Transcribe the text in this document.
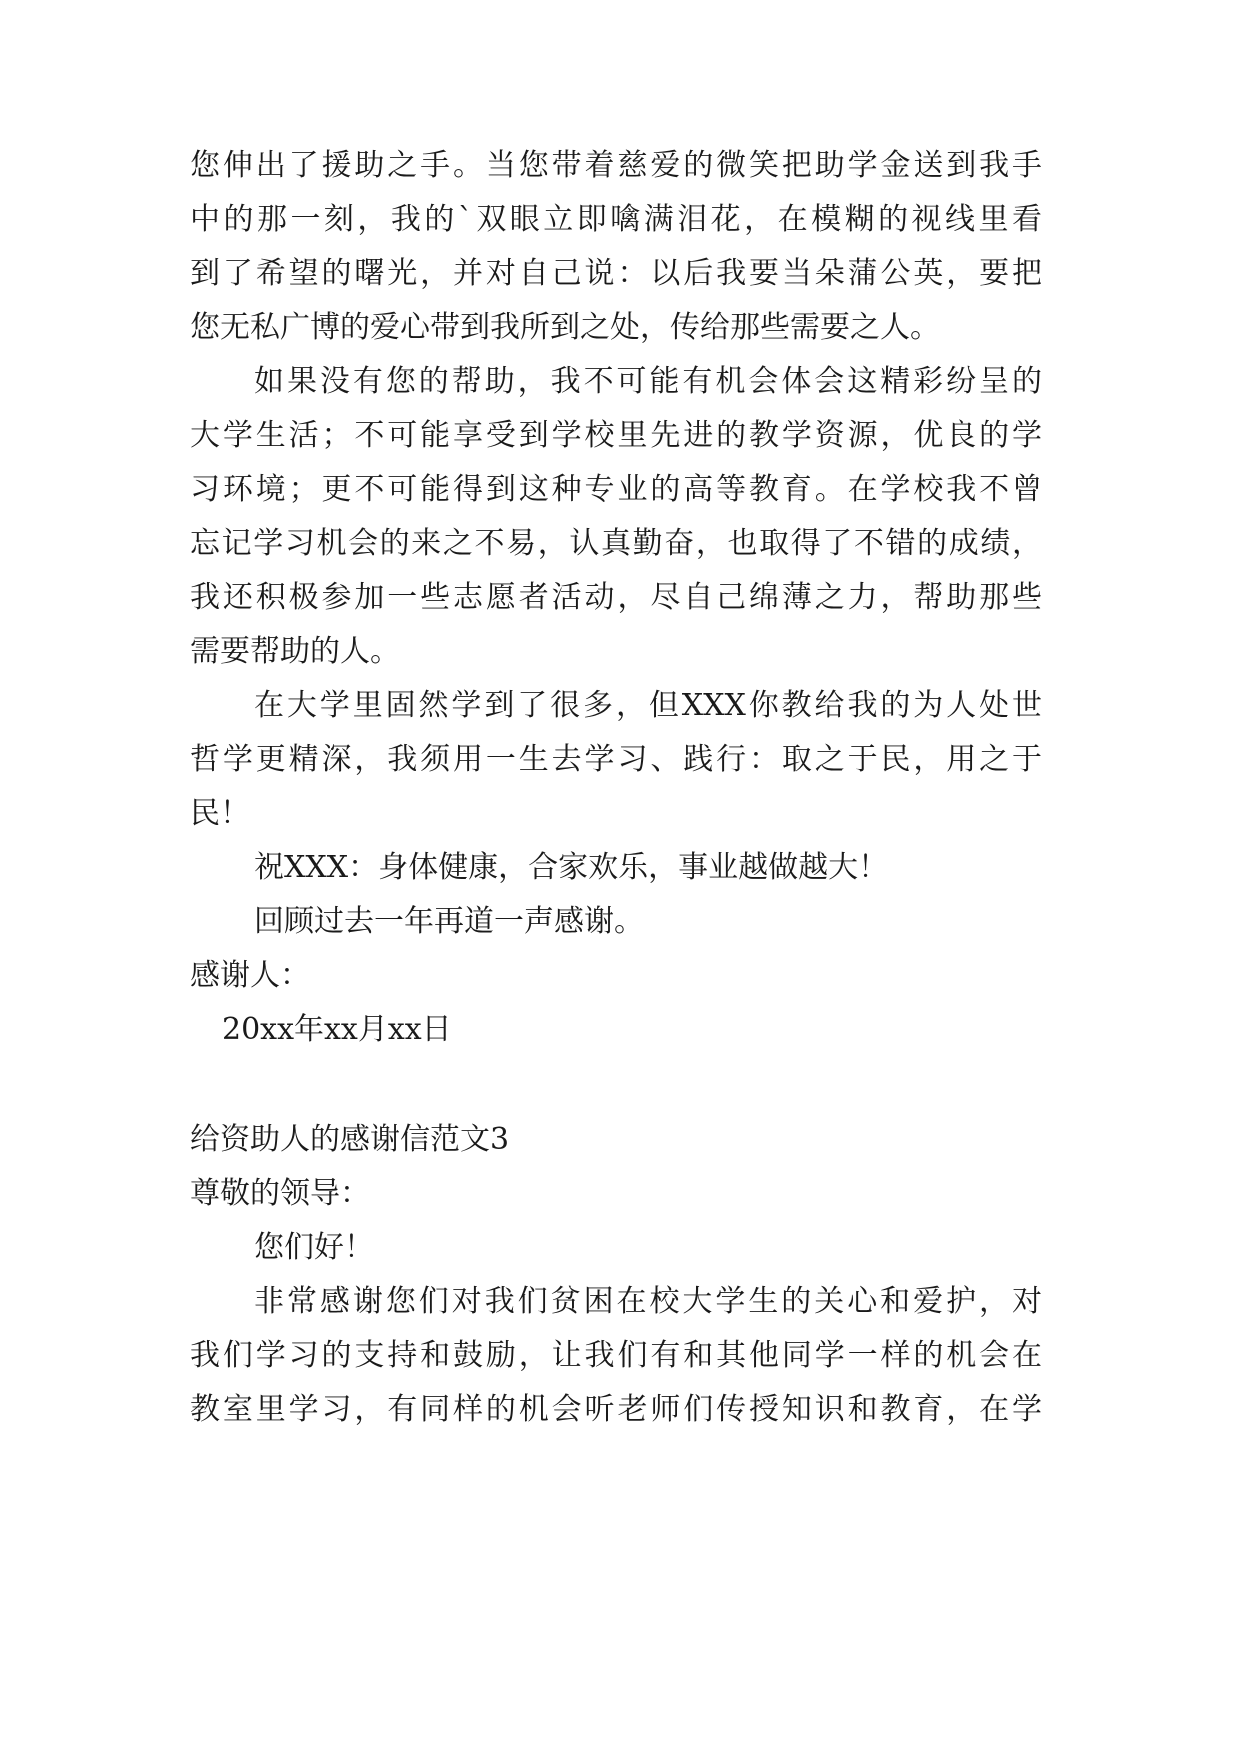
您伸出了援助之手。当您带着慈爱的微笑把助学金送到我手

中的那一刻，我的`双眼立即噙满泪花，在模糊的视线里看

到了希望的曙光，并对自己说：以后我要当朵蒲公英，要把

您无私广博的爱心带到我所到之处，传给那些需要之人。

如果没有您的帮助，我不可能有机会体会这精彩纷呈的

大学生活；不可能享受到学校里先进的教学资源，优良的学

习环境；更不可能得到这种专业的高等教育。在学校我不曾

忘记学习机会的来之不易，认真勤奋，也取得了不错的成绩，

我还积极参加一些志愿者活动，尽自己绵薄之力，帮助那些

需要帮助的人。

在大学里固然学到了很多，但XXX你教给我的为人处世

哲学更精深，我须用一生去学习、践行：取之于民，用之于

民！

祝XXX：身体健康，合家欢乐，事业越做越大！

回顾过去一年再道一声感谢。

感谢人：

20xx年xx月xx日

给资助人的感谢信范文3

尊敬的领导：

您们好！

非常感谢您们对我们贫困在校大学生的关心和爱护，对

我们学习的支持和鼓励，让我们有和其他同学一样的机会在

教室里学习，有同样的机会听老师们传授知识和教育，在学
